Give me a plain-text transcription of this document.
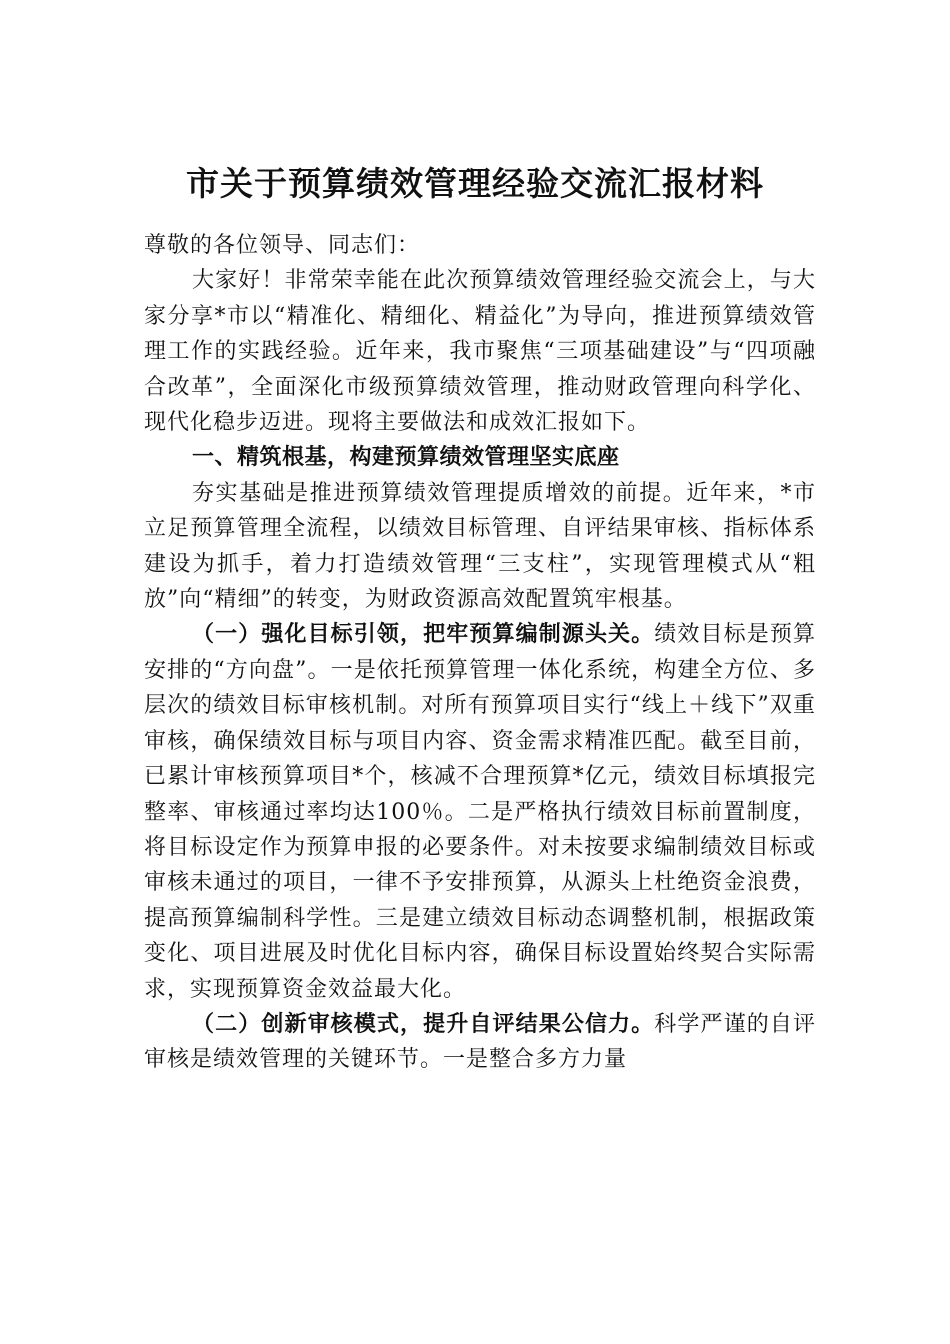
市关于预算绩效管理经验交流汇报材料

尊敬的各位领导、同志们：

大家好！非常荣幸能在此次预算绩效管理经验交流会上，与大家分享*市以“精准化、精细化、精益化”为导向，推进预算绩效管理工作的实践经验。近年来，我市聚焦“三项基础建设”与“四项融合改革”，全面深化市级预算绩效管理，推动财政管理向科学化、现代化稳步迈进。现将主要做法和成效汇报如下。

一、精筑根基，构建预算绩效管理坚实底座

夯实基础是推进预算绩效管理提质增效的前提。近年来，*市立足预算管理全流程，以绩效目标管理、自评结果审核、指标体系建设为抓手，着力打造绩效管理“三支柱”，实现管理模式从“粗放”向“精细”的转变，为财政资源高效配置筑牢根基。

（一）强化目标引领，把牢预算编制源头关。绩效目标是预算安排的“方向盘”。一是依托预算管理一体化系统，构建全方位、多层次的绩效目标审核机制。对所有预算项目实行“线上＋线下”双重审核，确保绩效目标与项目内容、资金需求精准匹配。截至目前，已累计审核预算项目*个，核减不合理预算*亿元，绩效目标填报完整率、审核通过率均达100％。二是严格执行绩效目标前置制度，将目标设定作为预算申报的必要条件。对未按要求编制绩效目标或审核未通过的项目，一律不予安排预算，从源头上杜绝资金浪费，提高预算编制科学性。三是建立绩效目标动态调整机制，根据政策变化、项目进展及时优化目标内容，确保目标设置始终契合实际需求，实现预算资金效益最大化。

（二）创新审核模式，提升自评结果公信力。科学严谨的自评审核是绩效管理的关键环节。一是整合多方力量
